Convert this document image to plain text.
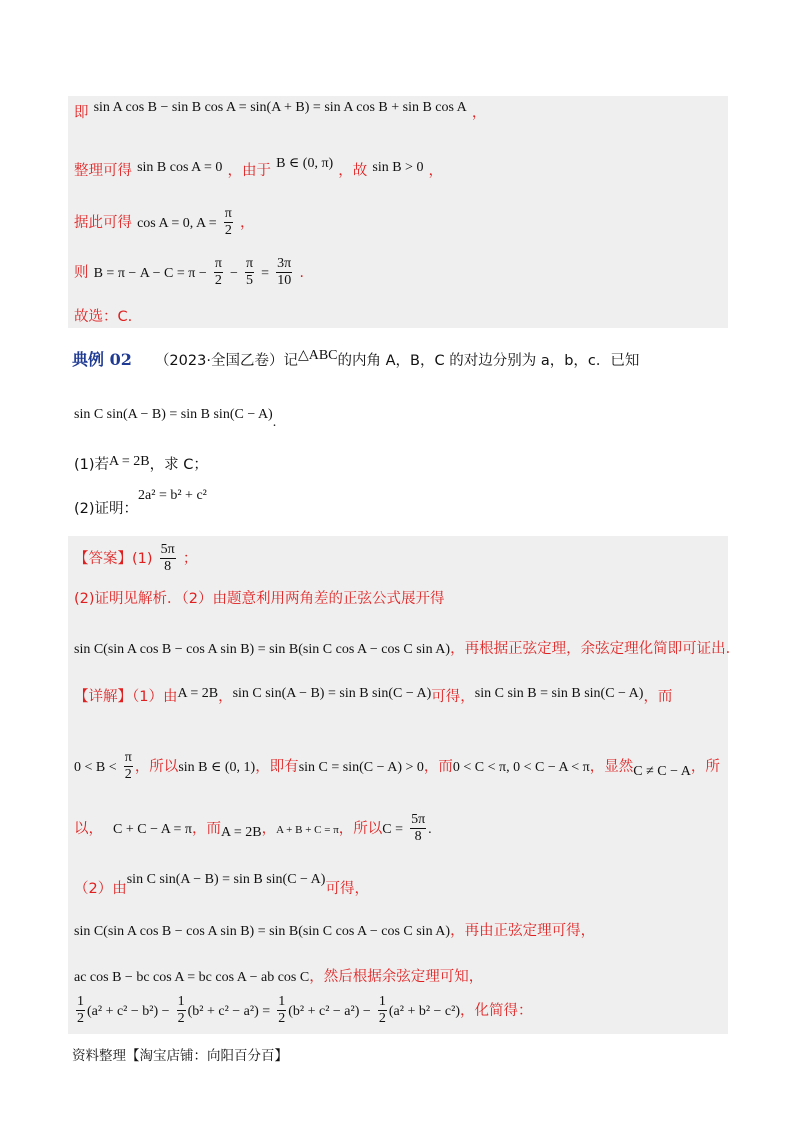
即 sin A cos B − sin B cos A = sin(A + B) = sin A cos B + sin B cos A ，
整理可得 sin B cos A = 0 ，由于 B ∈ (0, π) ，故 sin B > 0 ，
据此可得 cos A = 0, $A = \frac{\pi}{2}$ ，
则 $B = \pi - A - C = \pi - \frac{\pi}{2} - \frac{\pi}{5} = \frac{3\pi}{10}$ .
故选：C.
典例 02 （2023·全国乙卷）记△ABC的内角 A，B，C 的对边分别为 a，b，c．已知
sin C sin(A − B) = sin B sin(C − A).
(1)若A = 2B，求 C；
(2)证明：2a² = b² + c²
【答案】$(1) \frac{5\pi}{8}$ ；
(2)证明见解析．（2）由题意利用两角差的正弦公式展开得
sin C(sin A cos B − cos A sin B) = sin B(sin C cos A − cos C sin A)，再根据正弦定理，余弦定理化简即可证出．
【详解】（1）由A = 2B，sin C sin(A − B) = sin B sin(C − A)可得，sin C sin B = sin B sin(C − A)，而
$0 < B < \frac{\pi}{2}$ ，所以sin B ∈ (0, 1)，即有sin C = sin(C − A) > 0，而0 < C < π, 0 < C − A < π，显然C ≠ C − A，所
以， C + C − A = π，而A = 2B，A + B + C = π，所以$C = \frac{5\pi}{8}$ .
（2）由sin C sin(A − B) = sin B sin(C − A)可得，
sin C(sin A cos B − cos A sin B) = sin B(sin C cos A − cos C sin A)，再由正弦定理可得，
ac cos B − bc cos A = bc cos A − ab cos C，然后根据余弦定理可知，
$\frac{1}{2} (a^2 + c^2 - b^2) - \frac{1}{2} (b^2 + c^2 - a^2) = \frac{1}{2} (b^2 + c^2 - a^2) - \frac{1}{2} (a^2 + b^2 - c^2)$，化简得：
资料整理【淘宝店铺：向阳百分百】
